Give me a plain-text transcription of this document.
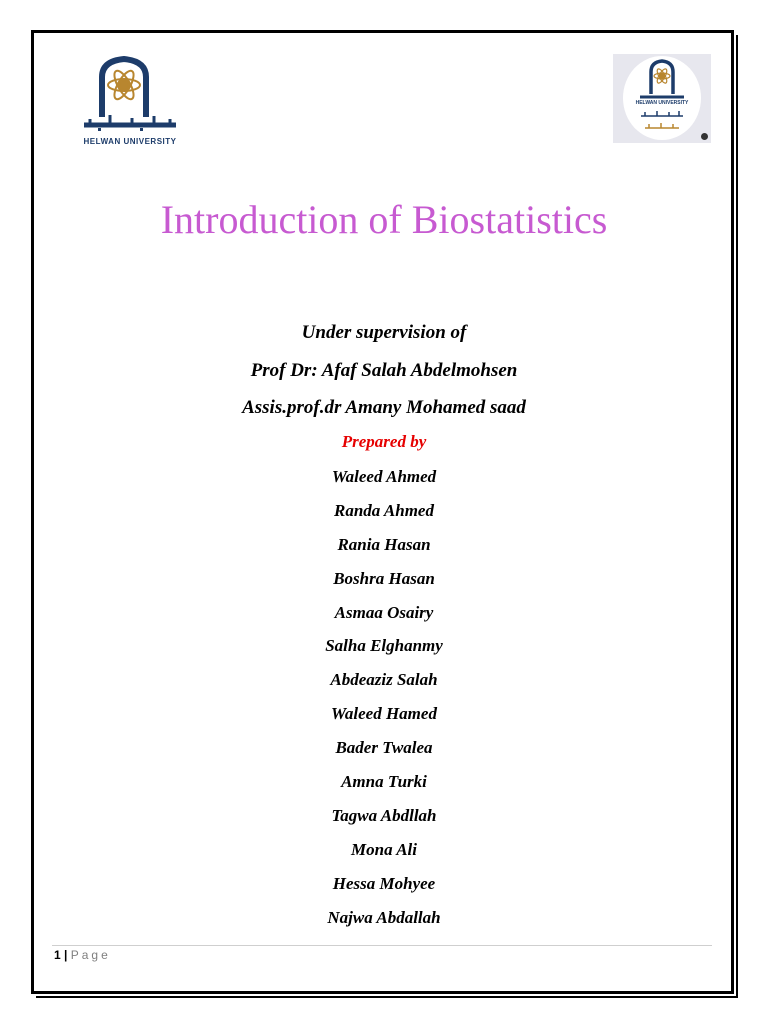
HELWAN UNIVERSITY
HELWAN UNIVERSITY
Introduction of Biostatistics
Under supervision of
Prof Dr: Afaf Salah Abdelmohsen
Assis.prof.dr Amany Mohamed saad
Prepared by
Waleed Ahmed
Randa Ahmed
Rania Hasan
Boshra Hasan
Asmaa Osairy
Salha Elghanmy
Abdeaziz Salah
Waleed Hamed
Bader Twalea
Amna Turki
Tagwa Abdllah
Mona Ali
Hessa Mohyee
Najwa Abdallah
1 | Page
